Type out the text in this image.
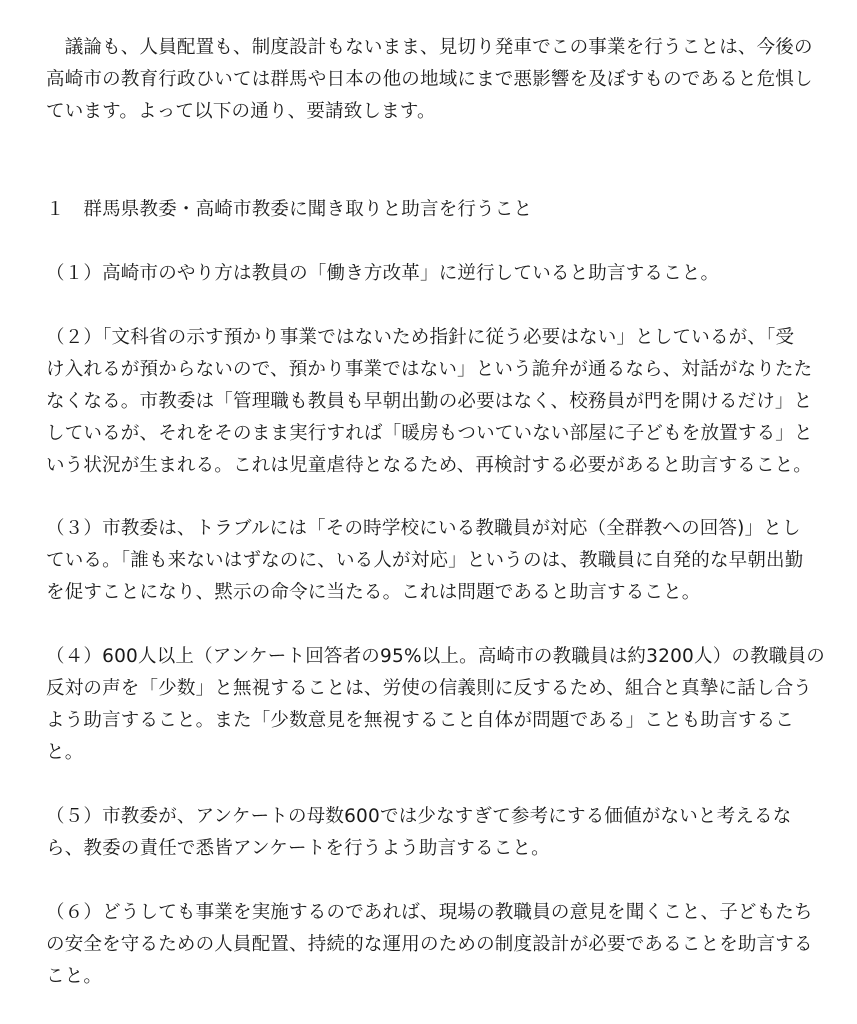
　議論も、人員配置も、制度設計もないまま、見切り発車でこの事業を行うことは、今後の
高崎市の教育行政ひいては群馬や日本の他の地域にまで悪影響を及ぼすものであると危惧し
ています。よって以下の通り、要請致します。
１　群馬県教委・高崎市教委に聞き取りと助言を行うこと
（１）高崎市のやり方は教員の「働き方改革」に逆行していると助言すること。
（２）「文科省の示す預かり事業ではないため指針に従う必要はない」としているが、「受
け入れるが預からないので、預かり事業ではない」という詭弁が通るなら、対話がなりたた
なくなる。市教委は「管理職も教員も早朝出勤の必要はなく、校務員が門を開けるだけ」と
しているが、それをそのまま実行すれば「暖房もついていない部屋に子どもを放置する」と
いう状況が生まれる。これは児童虐待となるため、再検討する必要があると助言すること。
（３）市教委は、トラブルには「その時学校にいる教職員が対応（全群教への回答)」とし
ている。「誰も来ないはずなのに、いる人が対応」というのは、教職員に自発的な早朝出勤
を促すことになり、黙示の命令に当たる。これは問題であると助言すること。
（４）600人以上（アンケート回答者の95%以上。高崎市の教職員は約3200人）の教職員の
反対の声を「少数」と無視することは、労使の信義則に反するため、組合と真摯に話し合う
よう助言すること。また「少数意見を無視すること自体が問題である」ことも助言するこ
と。
（５）市教委が、アンケートの母数600では少なすぎて参考にする価値がないと考えるな
ら、教委の責任で悉皆アンケートを行うよう助言すること。
（６）どうしても事業を実施するのであれば、現場の教職員の意見を聞くこと、子どもたち
の安全を守るための人員配置、持続的な運用のための制度設計が必要であることを助言する
こと。
